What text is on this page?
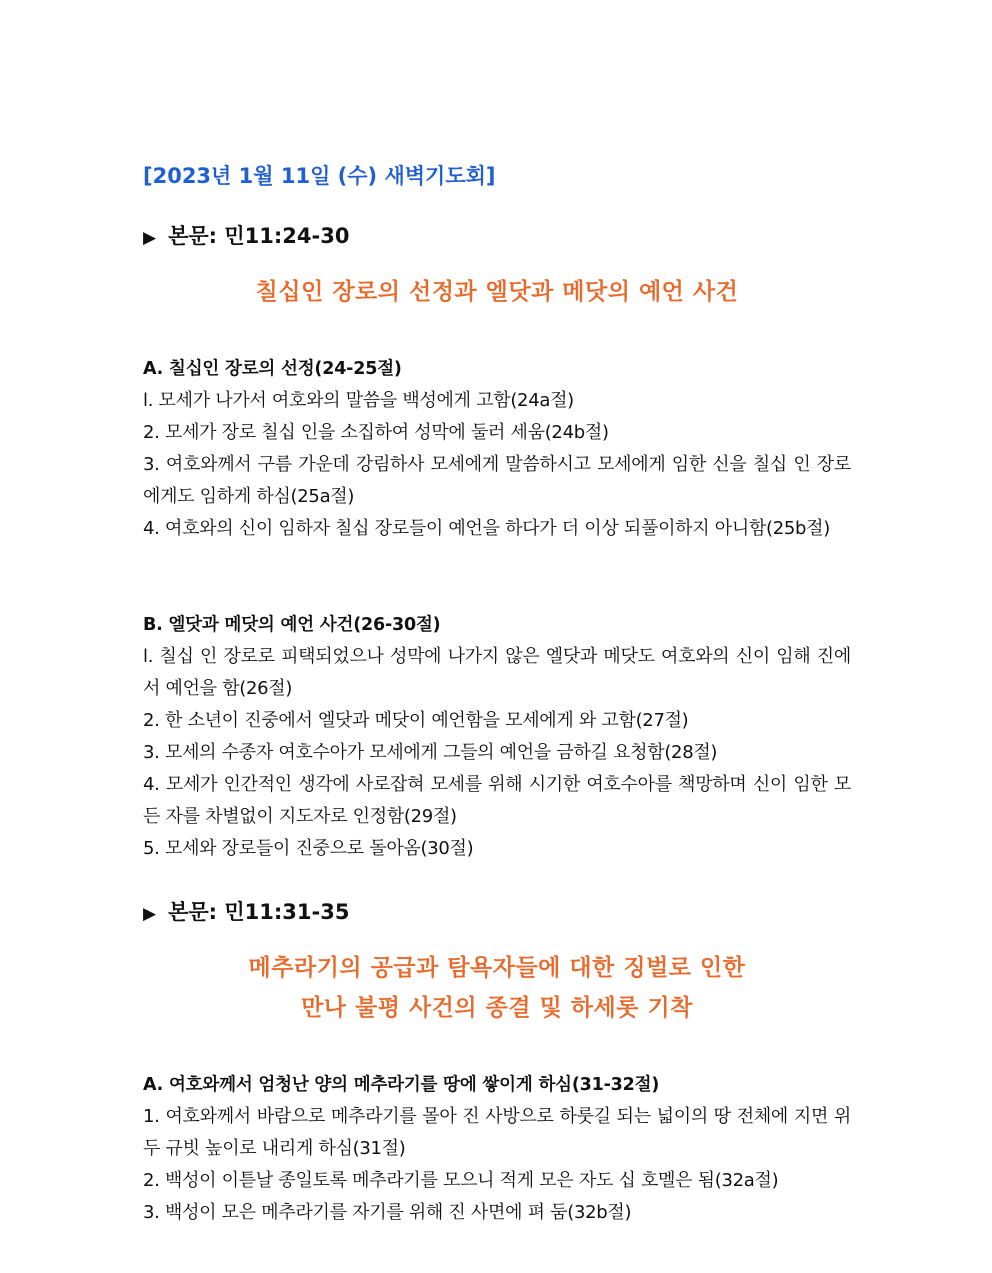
[2023년 1월 11일 (수) 새벽기도회]
▶ 본문: 민11:24-30
칠십인 장로의 선정과 엘닷과 메닷의 예언 사건
A. 칠십인 장로의 선정(24-25절)
l. 모세가 나가서 여호와의 말씀을 백성에게 고함(24a절)
2. 모세가 장로 칠십 인을 소집하여 성막에 둘러 세움(24b절)
3. 여호와께서 구름 가운데 강림하사 모세에게 말씀하시고 모세에게 임한 신을 칠십 인 장로에게도 임하게 하심(25a절)
4. 여호와의 신이 임하자 칠십 장로들이 예언을 하다가 더 이상 되풀이하지 아니함(25b절)
B. 엘닷과 메닷의 예언 사건(26-30절)
l. 칠십 인 장로로 피택되었으나 성막에 나가지 않은 엘닷과 메닷도 여호와의 신이 임해 진에서 예언을 함(26절)
2. 한 소년이 진중에서 엘닷과 메닷이 예언함을 모세에게 와 고함(27절)
3. 모세의 수종자 여호수아가 모세에게 그들의 예언을 금하길 요청함(28절)
4. 모세가 인간적인 생각에 사로잡혀 모세를 위해 시기한 여호수아를 책망하며 신이 임한 모든 자를 차별없이 지도자로 인정함(29절)
5. 모세와 장로들이 진중으로 돌아옴(30절)
▶ 본문: 민11:31-35
메추라기의 공급과 탐욕자들에 대한 징벌로 인한
만나 불평 사건의 종결 및 하세롯 기착
A. 여호와께서 엄청난 양의 메추라기를 땅에 쌓이게 하심(31-32절)
1. 여호와께서 바람으로 메추라기를 몰아 진 사방으로 하룻길 되는 넓이의 땅 전체에 지면 위 두 규빗 높이로 내리게 하심(31절)
2. 백성이 이튿날 종일토록 메추라기를 모으니 적게 모은 자도 십 호멜은 됨(32a절)
3. 백성이 모은 메추라기를 자기를 위해 진 사면에 펴 둠(32b절)
